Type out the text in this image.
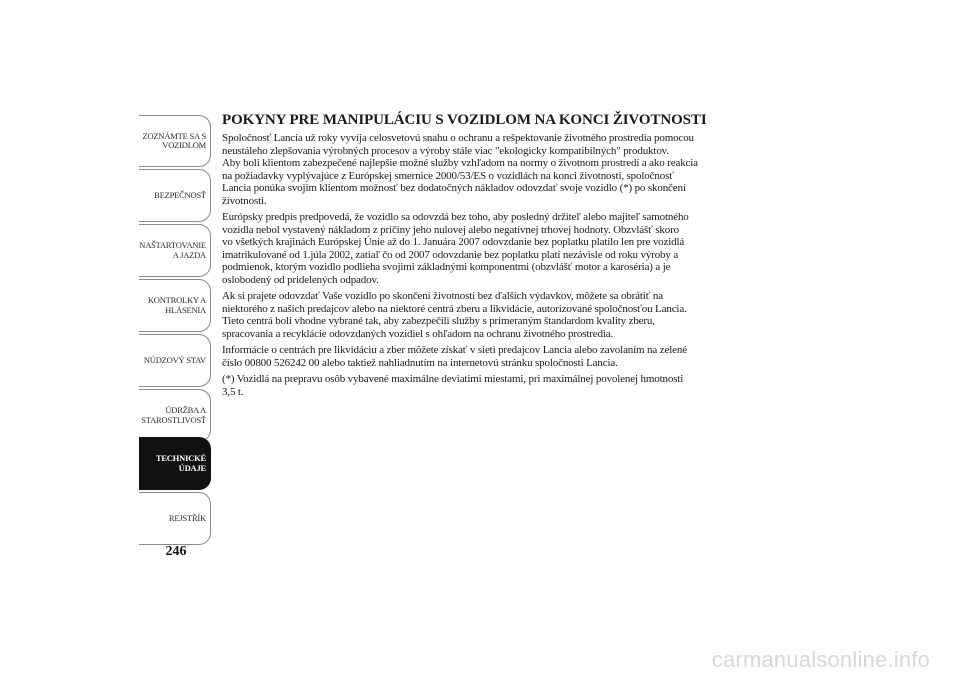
ZOZNÁMTE SA S
VOZIDLOM
BEZPEČNOSŤ
NAŠTARTOVANIE
A JAZDA
KONTROLKY A
HLÁSENIA
NÚDZOVÝ STAV
ÚDRŽBA A
STAROSTLIVOSŤ
TECHNICKÉ
ÚDAJE
REJSTŘÍK
246
POKYNY PRE MANIPULÁCIU S VOZIDLOM NA KONCI ŽIVOTNOSTI

Spoločnosť Lancia už roky vyvíja celosvetovú snahu o ochranu a rešpektovanie životného prostredia pomocou
neustáleho zlepšovania výrobných procesov a výroby stále viac "ekologicky kompatibilných" produktov.
Aby boli klientom zabezpečené najlepšie možné služby vzhľadom na normy o životnom prostredí a ako reakcia
na požiadavky vyplývajúce z Európskej smernice 2000/53/ES o vozidlách na konci životnosti, spoločnosť
Lancia ponúka svojim klientom možnosť bez dodatočných nákladov odovzdať svoje vozidlo (*) po skončení
životnosti.

Európsky predpis predpovedá, že vozidlo sa odovzdá bez toho, aby posledný držiteľ alebo majiteľ samotného
vozidla nebol vystavený nákladom z príčiny jeho nulovej alebo negatívnej trhovej hodnoty. Obzvlášť skoro
vo všetkých krajinách Európskej Únie až do 1. Januára 2007 odovzdanie bez poplatku platilo len pre vozidlá
imatrikulované od 1.júla 2002, zatiaľ čo od 2007 odovzdanie bez poplatku platí nezávisle od roku výroby a
podmienok, ktorým vozidlo podlieha svojimi základnými komponentmi (obzvlášť motor a karoséria) a je
oslobodený od pridelených odpadov.

Ak si prajete odovzdať Vaše vozidlo po skončení životnosti bez ďalších výdavkov, môžete sa obrátiť na
niektorého z našich predajcov alebo na niektoré centrá zberu a likvidácie, autorizované spoločnosťou Lancia.
Tieto centrá boli vhodne vybrané tak, aby zabezpečili služby s primeraným štandardom kvality zberu,
spracovania a recyklácie odovzdaných vozidiel s ohľadom na ochranu životného prostredia.

Informácie o centrách pre likvidáciu a zber môžete získať v sieti predajcov Lancia alebo zavolaním na zelené
číslo 00800 526242 00 alebo taktiež nahliadnutím na internetovú stránku spoločnosti Lancia.

(*) Vozidlá na prepravu osôb vybavené maximálne deviatimi miestami, pri maximálnej povolenej hmotnosti
3,5 t.

carmanualsonline.info
